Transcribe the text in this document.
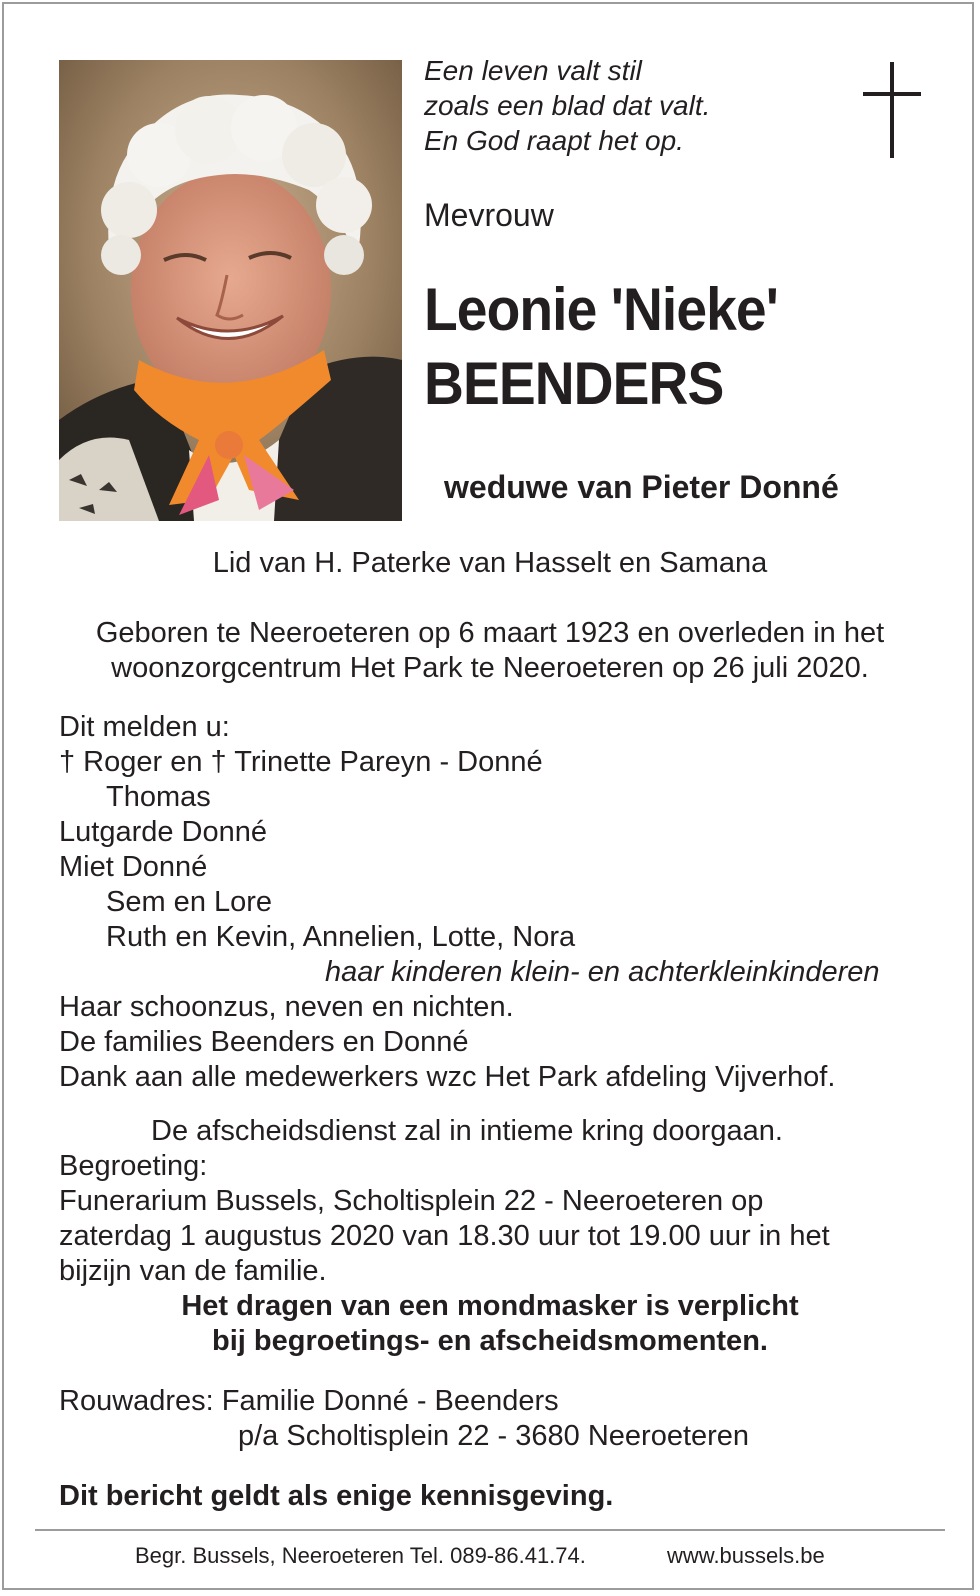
Een leven valt stil
zoals een blad dat valt.
En God raapt het op.
Mevrouw
Leonie 'Nieke'
BEENDERS
weduwe van Pieter Donné
Lid van H. Paterke van Hasselt en Samana
Geboren te Neeroeteren op 6 maart 1923 en overleden in het
woonzorgcentrum Het Park te Neeroeteren op 26 juli 2020.
Dit melden u:
† Roger en † Trinette Pareyn - Donné
Thomas
Lutgarde Donné
Miet Donné
Sem en Lore
Ruth en Kevin, Annelien, Lotte, Nora
haar kinderen klein- en achterkleinkinderen
Haar schoonzus, neven en nichten.
De families Beenders en Donné
Dank aan alle medewerkers wzc Het Park afdeling Vijverhof.
De afscheidsdienst zal in intieme kring doorgaan.
Begroeting:
Funerarium Bussels, Scholtisplein 22 - Neeroeteren op
zaterdag 1 augustus 2020 van 18.30 uur tot 19.00 uur in het
bijzijn van de familie.
Het dragen van een mondmasker is verplicht
bij begroetings- en afscheidsmomenten.
Rouwadres: Familie Donné - Beenders
p/a Scholtisplein 22 - 3680 Neeroeteren
Dit bericht geldt als enige kennisgeving.
Begr. Bussels, Neeroeteren Tel. 089-86.41.74.	www.bussels.be
